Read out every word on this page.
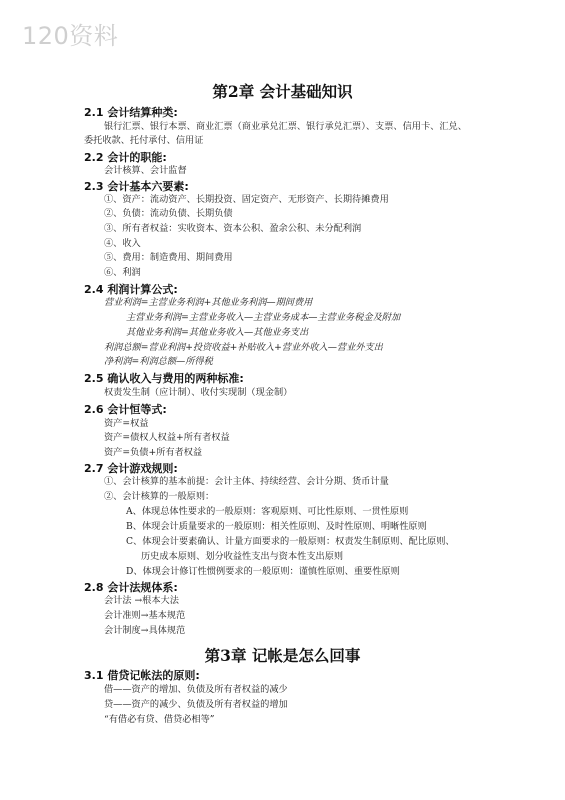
120资料
第2章 会计基础知识
2.1 会计结算种类:
银行汇票、银行本票、商业汇票（商业承兑汇票、银行承兑汇票）、支票、信用卡、汇兑、
委托收款、托付承付、信用证
2.2 会计的职能:
会计核算、会计监督
2.3 会计基本六要素:
①、资产：流动资产、长期投资、固定资产、无形资产、长期待摊费用
②、负债：流动负债、长期负债
③、所有者权益：实收资本、资本公积、盈余公积、未分配利润
④、收入
⑤、费用：制造费用、期间费用
⑥、利润
2.4 利润计算公式:
营业利润=主营业务利润+其他业务利润—期间费用
主营业务利润=主营业务收入—主营业务成本—主营业务税金及附加
其他业务利润=其他业务收入—其他业务支出
利润总额=营业利润+投资收益+补贴收入+营业外收入—营业外支出
净利润=利润总额—所得税
2.5 确认收入与费用的两种标准:
权责发生制（应计制）、收付实现制（现金制）
2.6 会计恒等式:
资产=权益
资产=债权人权益+所有者权益
资产=负债+所有者权益
2.7 会计游戏规则:
①、会计核算的基本前提：会计主体、持续经营、会计分期、货币计量
②、会计核算的一般原则：
A、体现总体性要求的一般原则：客观原则、可比性原则、一贯性原则
B、体现会计质量要求的一般原则：相关性原则、及时性原则、明晰性原则
C、体现会计要素确认、计量方面要求的一般原则：权责发生制原则、配比原则、
历史成本原则、划分收益性支出与资本性支出原则
D、体现会计修订性惯例要求的一般原则：谨慎性原则、重要性原则
2.8 会计法规体系:
会计法 →根本大法
会计准则→基本规范
会计制度→具体规范
第3章 记帐是怎么回事
3.1 借贷记帐法的原则:
借——资产的增加、负债及所有者权益的减少
贷——资产的减少、负债及所有者权益的增加
“有借必有贷、借贷必相等”
